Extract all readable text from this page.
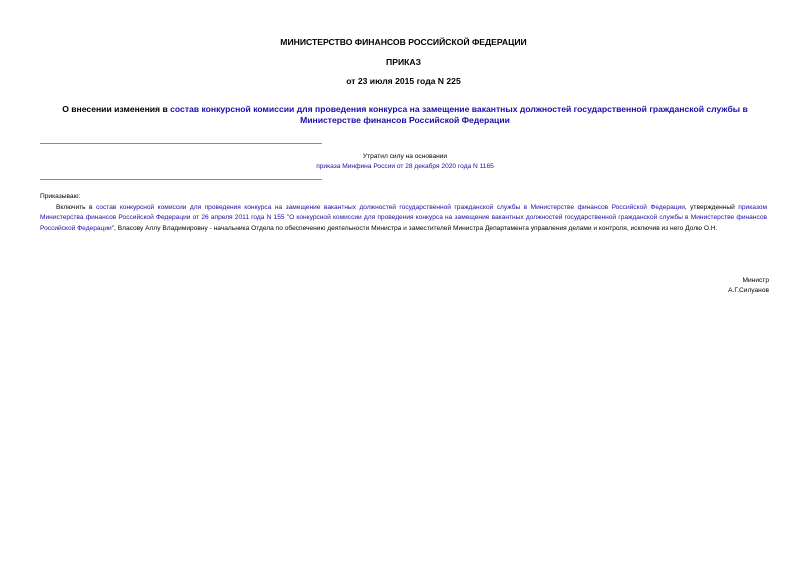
МИНИСТЕРСТВО ФИНАНСОВ РОССИЙСКОЙ ФЕДЕРАЦИИ
ПРИКАЗ
от 23 июля 2015 года N 225
О внесении изменения в состав конкурсной комиссии для проведения конкурса на замещение вакантных должностей государственной гражданской службы в Министерстве финансов Российской Федерации
Утратил силу на основании
приказа Минфина России от 28 декабря 2020 года N 1165
Приказываю:

Включить в состав конкурсной комиссии для проведения конкурса на замещение вакантных должностей государственной гражданской службы в Министерстве финансов Российской Федерации, утвержденный приказом Министерства финансов Российской Федерации от 26 апреля 2011 года N 155 "О конкурсной комиссии для проведения конкурса на замещение вакантных должностей государственной гражданской службы в Министерстве финансов Российской Федерации", Власову Аллу Владимировну - начальника Отдела по обеспечению деятельности Министра и заместителей Министра Департамента управления делами и контроля, исключив из него Долю О.Н.

Министр
А.Г.Силуанов
